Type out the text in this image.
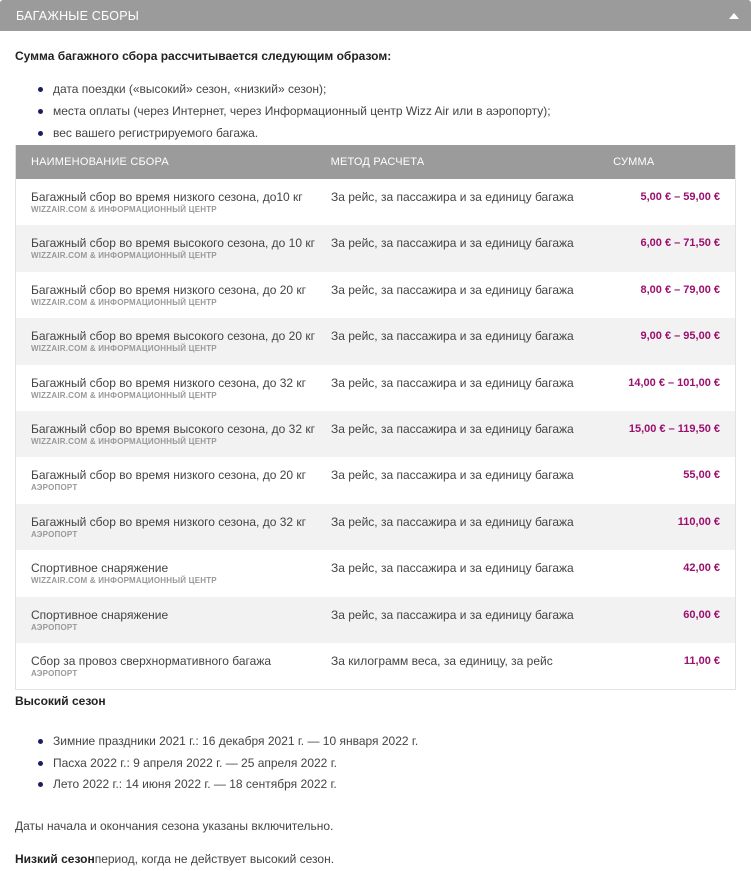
БАГАЖНЫЕ СБОРЫ
Сумма багажного сбора рассчитывается следующим образом:
дата поездки («высокий» сезон, «низкий» сезон);
места оплаты (через Интернет, через Информационный центр Wizz Air или в аэропорту);
вес вашего регистрируемого багажа.
НАИМЕНОВАНИЕ СБОРА	МЕТОД РАСЧЕТА	СУММА
Багажный сбор во время низкого сезона, до10 кг
WIZZAIR.COM & ИНФОРМАЦИОННЫЙ ЦЕНТР
За рейс, за пассажира и за единицу багажа	5,00 € – 59,00 €
Багажный сбор во время высокого сезона, до 10 кг
WIZZAIR.COM & ИНФОРМАЦИОННЫЙ ЦЕНТР
За рейс, за пассажира и за единицу багажа	6,00 € – 71,50 €
Багажный сбор во время низкого сезона, до 20 кг
WIZZAIR.COM & ИНФОРМАЦИОННЫЙ ЦЕНТР
За рейс, за пассажира и за единицу багажа	8,00 € – 79,00 €
Багажный сбор во время высокого сезона, до 20 кг
WIZZAIR.COM & ИНФОРМАЦИОННЫЙ ЦЕНТР
За рейс, за пассажира и за единицу багажа	9,00 € – 95,00 €
Багажный сбор во время низкого сезона, до 32 кг
WIZZAIR.COM & ИНФОРМАЦИОННЫЙ ЦЕНТР
За рейс, за пассажира и за единицу багажа	14,00 € – 101,00 €
Багажный сбор во время высокого сезона, до 32 кг
WIZZAIR.COM & ИНФОРМАЦИОННЫЙ ЦЕНТР
За рейс, за пассажира и за единицу багажа	15,00 € – 119,50 €
Багажный сбор во время низкого сезона, до 20 кг
АЭРОПОРТ
За рейс, за пассажира и за единицу багажа	55,00 €
Багажный сбор во время низкого сезона, до 32 кг
АЭРОПОРТ
За рейс, за пассажира и за единицу багажа	110,00 €
Спортивное снаряжение
WIZZAIR.COM & ИНФОРМАЦИОННЫЙ ЦЕНТР
За рейс, за пассажира и за единицу багажа	42,00 €
Спортивное снаряжение
АЭРОПОРТ
За рейс, за пассажира и за единицу багажа	60,00 €
Сбор за провоз сверхнормативного багажа
АЭРОПОРТ
За килограмм веса, за единицу, за рейс	11,00 €
Высокий сезон
Зимние праздники 2021 г.: 16 декабря 2021 г. — 10 января 2022 г.
Пасха 2022 г.: 9 апреля 2022 г. — 25 апреля 2022 г.
Лето 2022 г.: 14 июня 2022 г. — 18 сентября 2022 г.
Даты начала и окончания сезона указаны включительно.
Низкий сезонпериод, когда не действует высокий сезон.
